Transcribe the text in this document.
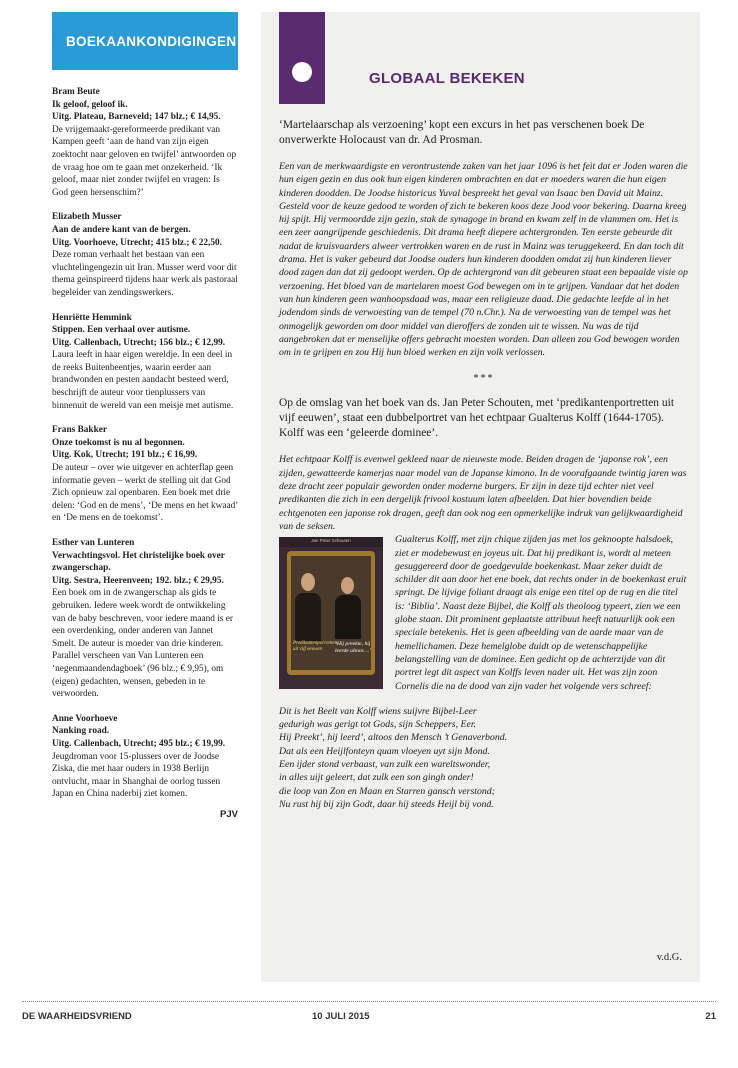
BOEKAANKONDIGINGEN
Bram Beute
Ik geloof, geloof ik.
Uitg. Plateau, Barneveld; 147 blz.; € 14,95.
De vrijgemaakt-gereformeerde predikant van Kampen geeft ‘aan de hand van zijn eigen zoektocht naar geloven en twijfel’ antwoorden op de vraag hoe om te gaan met onzekerheid. ‘Ik geloof, maar niet zonder twijfel en vragen: Is God geen hersenschim?’
Elizabeth Musser
Aan de andere kant van de bergen.
Uitg. Voorhoeve, Utrecht; 415 blz.; € 22,50.
Deze roman verhaalt het bestaan van een vluchtelingengezin uit Iran. Musser werd voor dit thema geïnspireerd tijdens haar werk als pastoraal begeleider van zendingswerkers.
Henriëtte Hemmink
Stippen. Een verhaal over autisme.
Uitg. Callenbach, Utrecht; 156 blz.; € 12,99.
Laura leeft in haar eigen wereldje. In een deel in de reeks Buitenbeentjes, waarin eerder aan brandwonden en pesten aandacht besteed werd, beschrijft de auteur voor tienplussers van binnenuit de wereld van een meisje met autisme.
Frans Bakker
Onze toekomst is nu al begonnen.
Uitg. Kok, Utrecht; 191 blz.; € 16,99.
De auteur – over wie uitgever en achterflap geen informatie geven – werkt de stelling uit dat God Zich opnieuw zal openbaren. Een boek met drie delen: ‘God en de mens’, ‘De mens en het kwaad’ en ‘De mens en de toekomst’.
Esther van Lunteren
Verwachtingsvol. Het christelijke boek over zwangerschap.
Uitg. Sestra, Heerenveen; 192. blz.; € 29,95.
Een boek om in de zwangerschap als gids te gebruiken. Iedere week wordt de ontwikkeling van de baby beschreven, voor iedere maand is er een overdenking, onder anderen van Jannet Smelt. De auteur is moeder van drie kinderen. Parallel verscheen van Van Lunteren een ‘negenmaandendagboek’ (96 blz.; € 9,95), om (eigen) gedachten, wensen, gebeden in te verwoorden.
Anne Voorhoeve
Nanking road.
Uitg. Callenbach, Utrecht; 495 blz.; € 19,99.
Jeugdroman voor 15-plussers over de Joodse Ziska, die met haar ouders in 1938 Berlijn ontvlucht, maar in Shanghai de oorlog tussen Japan en China naderbij ziet komen.
PJV
GLOBAAL BEKEKEN

‘Martelaarschap als verzoening’ kopt een excurs in het pas verschenen boek De onverwerkte Holocaust van dr. Ad Prosman.

Een van de merkwaardigste en verontrustende zaken van het jaar 1096 is het feit dat er Joden waren die hun eigen gezin en dus ook hun eigen kinderen ombrachten en dat er moeders waren die hun eigen kinderen doodden. De Joodse historicus Yuval bespreekt het geval van Isaac ben David uit Mainz. Gesteld voor de keuze gedood te worden of zich te bekeren koos deze Jood voor bekering. Daarna kreeg hij spijt. Hij vermoordde zijn gezin, stak de synagoge in brand en kwam zelf in de vlammen om. Het is een zeer aangrijpende geschiedenis. Dit drama heeft diepere achtergronden. Ten eerste gebeurde dit nadat de kruisvaarders alweer vertrokken waren en de rust in Mainz was teruggekeerd. En dan toch dit drama. Het is vaker gebeurd dat Joodse ouders hun kinderen doodden omdat zij hun kinderen liever dood zagen dan dat zij gedoopt werden. Op de achtergrond van dit gebeuren staat een bepaalde visie op verzoening. Het bloed van de martelaren moest God bewegen om in te grijpen. Vandaar dat het doden van hun kinderen geen wanhoopsdaad was, maar een religieuze daad. Die gedachte leefde al in het jodendom sinds de verwoesting van de tempel (70 n.Chr.). Na de verwoesting van de tempel was het onmogelijk geworden om door middel van dieroffers de zonden uit te wissen. Nu was de tijd aangebroken dat er menselijke offers gebracht moesten worden. Dan alleen zou God bewogen worden om in te grijpen en zou Hij hun bloed werken en zijn volk verlossen.

***

Op de omslag van het boek van ds. Jan Peter Schouten, met ‘predikantenportretten uit vijf eeuwen’, staat een dubbelportret van het echtpaar Gualterus Kolff (1644-1705). Kolff was een ‘geleerde dominee’.

Het echtpaar Kolff is evenwel gekleed naar de nieuwste mode. Beiden dragen de ‘japonse rok’, een zijden, gewatteerde kamerjas naar model van de Japanse kimono. In de voorafgaande twintig jaren was deze dracht zeer populair geworden onder moderne burgers. Er zijn in deze tijd echter niet veel predikanten die zich in een dergelijk frivool kostuum laten afbeelden. Dat hier bovendien beide echtgenoten een japonse rok dragen, geeft dan ook nog een opmerkelijke indruk van gelijkwaardigheid van de seksen.

Jan Peter Schouten
Predikantenportretten uit vijf eeuwen
‘Hij preekte, hij leerde altoos ...’

Gualterus Kolff, met zijn chique zijden jas met los geknoopte halsdoek, ziet er modebewust en joyeus uit. Dat hij predikant is, wordt al meteen gesuggereerd door de goedgevulde boekenkast. Maar zeker duidt de schilder dit aan door het ene boek, dat rechts onder in de boekenkast eruit springt. De lijvige foliant draagt als enige een titel op de rug en die titel is: ‘Biblia’. Naast deze Bijbel, die Kolff als theoloog typeert, zien we een globe staan. Dit prominent geplaatste attribuut heeft natuurlijk ook een speciale betekenis. Het is geen afbeelding van de aarde maar van de hemellichamen. Deze hemelglobe duidt op de wetenschappelijke belangstelling van de dominee. Een gedicht op de achterzijde van dit portret legt dit aspect van Kolffs leven nader uit. Het was zijn zoon Cornelis die na de dood van zijn vader het volgende vers schreef:

Dit is het Beelt van Kolff wiens suijvre Bijbel-Leer
gedurigh was gerigt tot Gods, sijn Scheppers, Eer.
Hij Preekt’, hij leerd’, altoos den Mensch ’t Genaverbond.
Dat als een Heijlfonteyn quam vloeyen uyt sijn Mond.
Een ijder stond verbaast, van zulk een wareltswonder,
in alles uijt geleert, dat zulk een son gingh onder!
die loop van Zon en Maan en Starren gansch verstond;
Nu rust hij bij zijn Godt, daar hij steeds Heijl bij vond.
v.d.G.
DE WAARHEIDSVRIEND	10 JULI 2015	21
